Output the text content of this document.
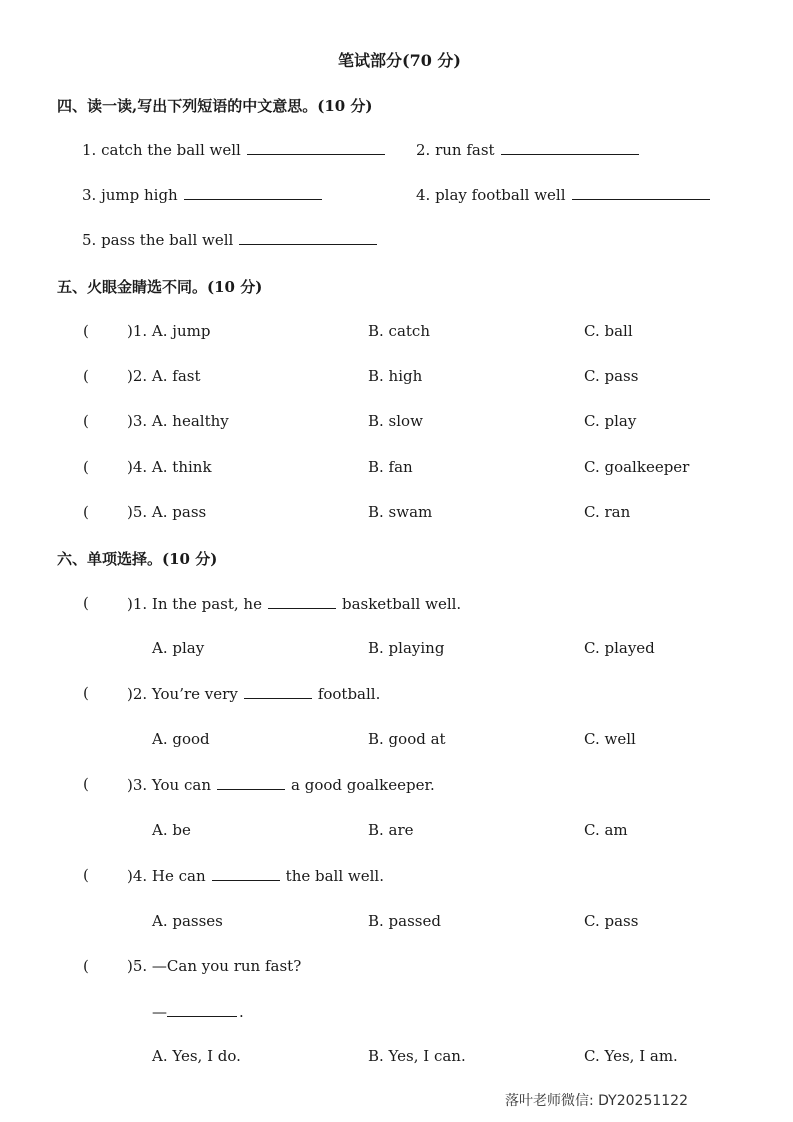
笔试部分(70 分)
四、读一读,写出下列短语的中文意思。(10 分)
1. catch the ball well	2. run fast
3. jump high	4. play football well
5. pass the ball well
五、火眼金睛选不同。(10 分)
(	)1. A. jump	B. catch	C. ball
(	)2. A. fast	B. high	C. pass
(	)3. A. healthy	B. slow	C. play
(	)4. A. think	B. fan	C. goalkeeper
(	)5. A. pass	B. swam	C. ran
六、单项选择。(10 分)
(	)1. In the past, he	basketball well.
A. play	B. playing	C. played
(	)2. You’re very	football.
A. good	B. good at	C. well
(	)3. You can	a good goalkeeper.
A. be	B. are	C. am
(	)4. He can	the ball well.
A. passes	B. passed	C. pass
(	)5. —Can you run fast?
—	.
A. Yes, I do.	B. Yes, I can.	C. Yes, I am.
落叶老师微信: DY20251122
